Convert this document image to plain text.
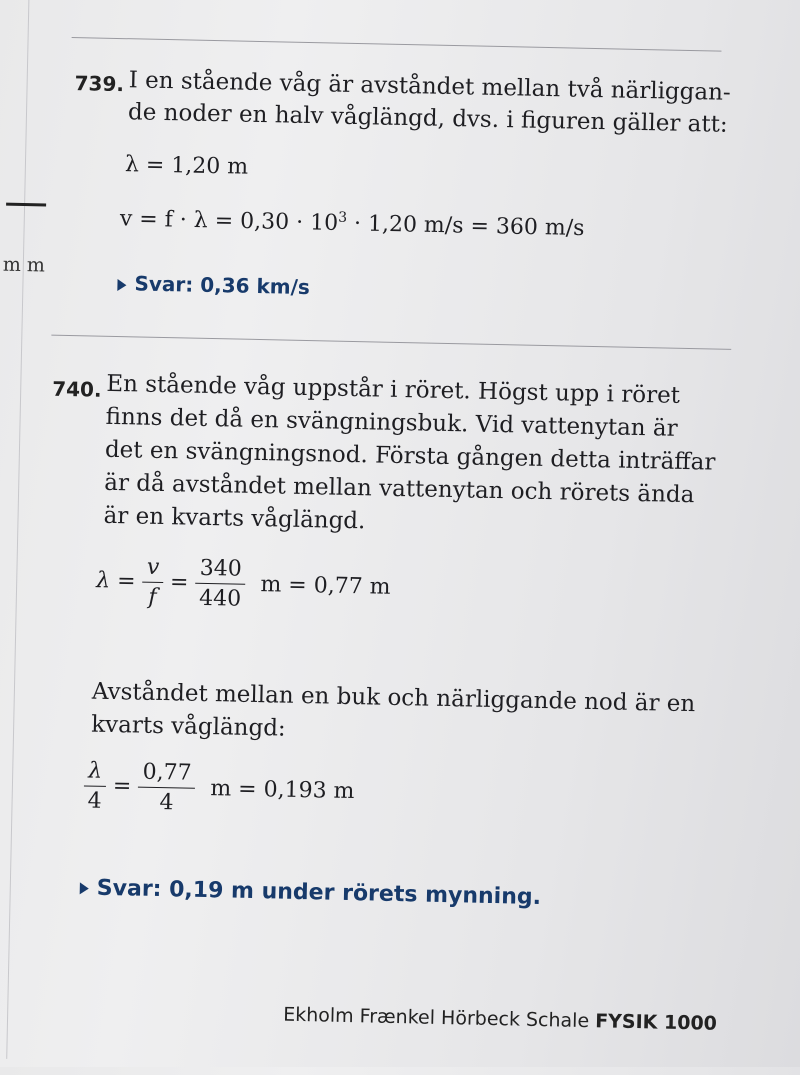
m m
739. I en stående våg är avståndet mellan två närliggan-
de noder en halv våglängd, dvs. i figuren gäller att:
λ = 1,20 m
$v = f \cdot \lambda = 0,30 \cdot 10^3 \cdot 1,20$ m/s = 360 m/s
Svar: 0,36 km/s
740. En stående våg uppstår i röret. Högst upp i röret
finns det då en svängningsbuk. Vid vattenytan är
det en svängningsnod. Första gången detta inträffar
är då avståndet mellan vattenytan och rörets ända
är en kvarts våglängd.
$\lambda = \frac{v}{f} = \frac{340}{440}$ m = 0,77 m
Avståndet mellan en buk och närliggande nod är en
kvarts våglängd:
$\frac{\lambda}{4} = \frac{0,77}{4}$ m = 0,193 m
Svar: 0,19 m under rörets mynning.
Ekholm Frænkel Hörbeck Schale FYSIK 1000
